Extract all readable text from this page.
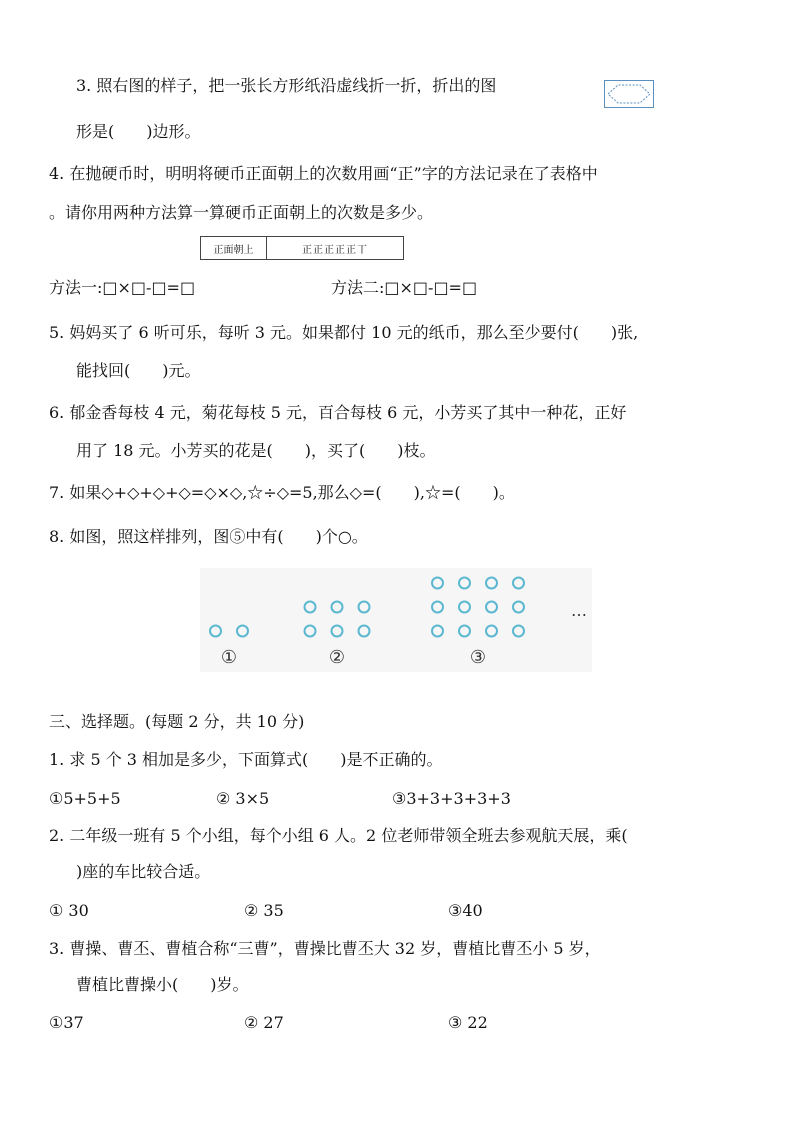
3. 照右图的样子，把一张长方形纸沿虚线折一折，折出的图
形是(　　)边形。
4. 在抛硬币时，明明将硬币正面朝上的次数用画“正”字的方法记录在了表格中
。请你用两种方法算一算硬币正面朝上的次数是多少。
正面朝上	正正正正正丅
方法一:□×□-□=□	方法二:□×□-□=□
5. 妈妈买了 6 听可乐，每听 3 元。如果都付 10 元的纸币，那么至少要付(　　)张,
能找回(　　)元。
6. 郁金香每枝 4 元，菊花每枝 5 元，百合每枝 6 元，小芳买了其中一种花，正好
用了 18 元。小芳买的花是(　　)，买了(　　)枝。
7. 如果◇+◇+◇+◇=◇×◇,☆÷◇=5,那么◇=(　　),☆=(　　)。
8. 如图，照这样排列，图⑤中有(　　)个○。
①	②	③
…
三、选择题。(每题 2 分，共 10 分)
1. 求 5 个 3 相加是多少，下面算式(　　)是不正确的。
①5+5+5	② 3×5	③3+3+3+3+3
2. 二年级一班有 5 个小组，每个小组 6 人。2 位老师带领全班去参观航天展，乘(
)座的车比较合适。
① 30	② 35	③40
3. 曹操、曹丕、曹植合称“三曹”，曹操比曹丕大 32 岁，曹植比曹丕小 5 岁，
曹植比曹操小(　　)岁。
①37	② 27	③ 22
